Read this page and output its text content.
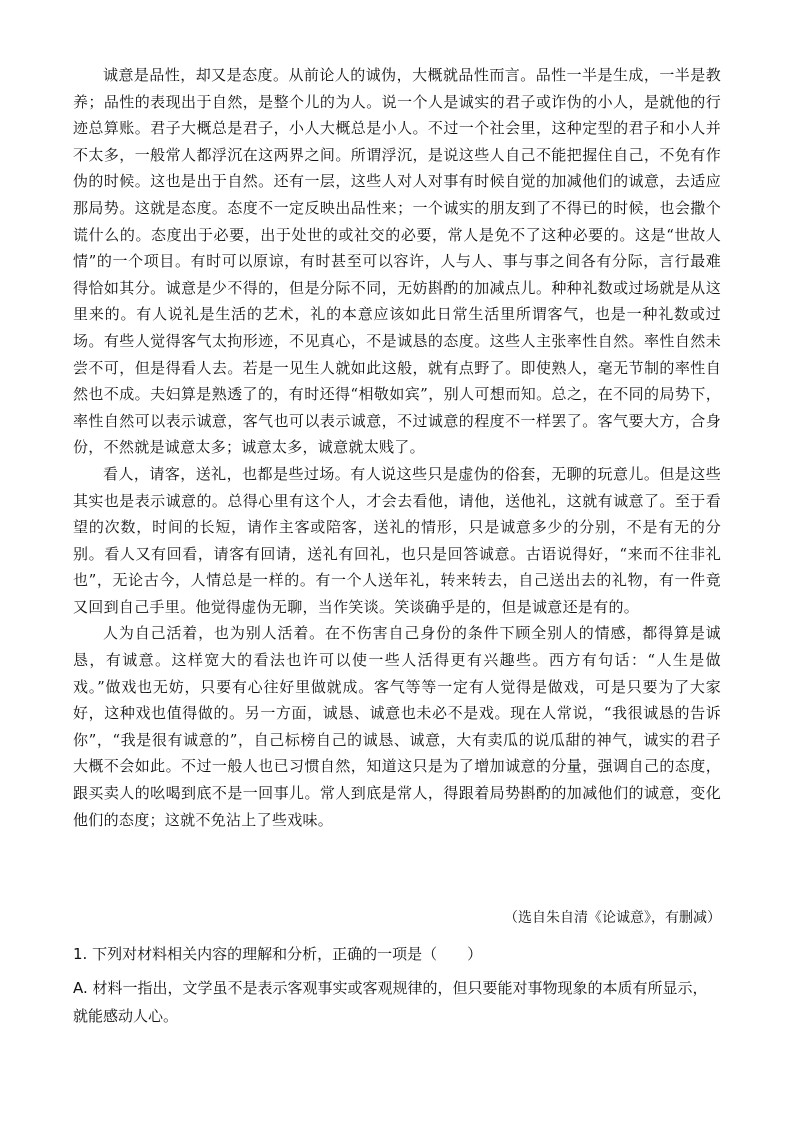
诚意是品性，却又是态度。从前论人的诚伪，大概就品性而言。品性一半是生成，一半是教养；品性的表现出于自然，是整个儿的为人。说一个人是诚实的君子或诈伪的小人，是就他的行迹总算账。君子大概总是君子，小人大概总是小人。不过一个社会里，这种定型的君子和小人并不太多，一般常人都浮沉在这两界之间。所谓浮沉，是说这些人自己不能把握住自己，不免有作伪的时候。这也是出于自然。还有一层，这些人对人对事有时候自觉的加减他们的诚意，去适应那局势。这就是态度。态度不一定反映出品性来；一个诚实的朋友到了不得已的时候，也会撒个谎什么的。态度出于必要，出于处世的或社交的必要，常人是免不了这种必要的。这是“世故人情”的一个项目。有时可以原谅，有时甚至可以容许，人与人、事与事之间各有分际，言行最难得恰如其分。诚意是少不得的，但是分际不同，无妨斟酌的加减点儿。种种礼数或过场就是从这里来的。有人说礼是生活的艺术，礼的本意应该如此日常生活里所谓客气，也是一种礼数或过场。有些人觉得客气太拘形迹，不见真心，不是诚恳的态度。这些人主张率性自然。率性自然未尝不可，但是得看人去。若是一见生人就如此这般，就有点野了。即使熟人，毫无节制的率性自然也不成。夫妇算是熟透了的，有时还得“相敬如宾”，别人可想而知。总之，在不同的局势下，率性自然可以表示诚意，客气也可以表示诚意，不过诚意的程度不一样罢了。客气要大方，合身份，不然就是诚意太多；诚意太多，诚意就太贱了。

看人，请客，送礼，也都是些过场。有人说这些只是虚伪的俗套，无聊的玩意儿。但是这些其实也是表示诚意的。总得心里有这个人，才会去看他，请他，送他礼，这就有诚意了。至于看望的次数，时间的长短，请作主客或陪客，送礼的情形，只是诚意多少的分别，不是有无的分别。看人又有回看，请客有回请，送礼有回礼，也只是回答诚意。古语说得好，“来而不往非礼也”，无论古今，人情总是一样的。有一个人送年礼，转来转去，自己送出去的礼物，有一件竟又回到自己手里。他觉得虚伪无聊，当作笑谈。笑谈确乎是的，但是诚意还是有的。

人为自己活着，也为别人活着。在不伤害自己身份的条件下顾全别人的情感，都得算是诚恳，有诚意。这样宽大的看法也许可以使一些人活得更有兴趣些。西方有句话：“人生是做戏。”做戏也无妨，只要有心往好里做就成。客气等等一定有人觉得是做戏，可是只要为了大家好，这种戏也值得做的。另一方面，诚恳、诚意也未必不是戏。现在人常说，“我很诚恳的告诉你”，“我是很有诚意的”，自己标榜自己的诚恳、诚意，大有卖瓜的说瓜甜的神气，诚实的君子大概不会如此。不过一般人也已习惯自然，知道这只是为了增加诚意的分量，强调自己的态度，跟买卖人的吆喝到底不是一回事儿。常人到底是常人，得跟着局势斟酌的加减他们的诚意，变化他们的态度；这就不免沾上了些戏味。

（选自朱自清《论诚意》，有删减）

1. 下列对材料相关内容的理解和分析，正确的一项是（　　）

A. 材料一指出，文学虽不是表示客观事实或客观规律的，但只要能对事物现象的本质有所显示，就能感动人心。
